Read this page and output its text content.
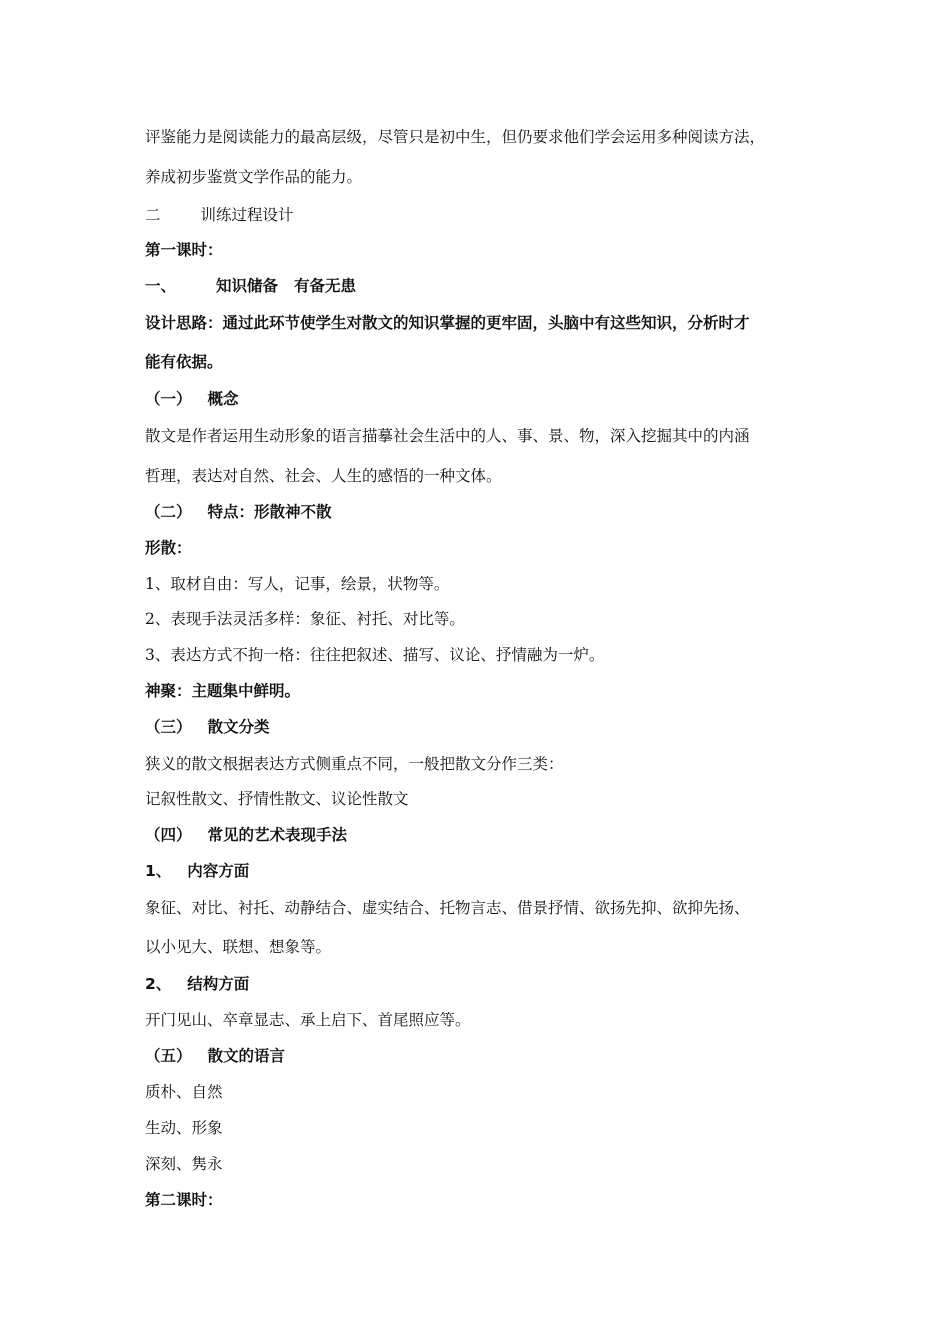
评鉴能力是阅读能力的最高层级，尽管只是初中生，但仍要求他们学会运用多种阅读方法，
养成初步鉴赏文学作品的能力。
二	训练过程设计
第一课时：
一、	知识储备 有备无患
设计思路：通过此环节使学生对散文的知识掌握的更牢固，头脑中有这些知识，分析时才
能有依据。
（一） 概念
散文是作者运用生动形象的语言描摹社会生活中的人、事、景、物，深入挖掘其中的内涵
哲理，表达对自然、社会、人生的感悟的一种文体。
（二） 特点：形散神不散
形散：
1、取材自由：写人，记事，绘景，状物等。
2、表现手法灵活多样：象征、衬托、对比等。
3、表达方式不拘一格：往往把叙述、描写、议论、抒情融为一炉。
神聚：主题集中鲜明。
（三） 散文分类
狭义的散文根据表达方式侧重点不同，一般把散文分作三类：
记叙性散文、抒情性散文、议论性散文
（四） 常见的艺术表现手法
1、 内容方面
象征、对比、衬托、动静结合、虚实结合、托物言志、借景抒情、欲扬先抑、欲抑先扬、
以小见大、联想、想象等。
2、 结构方面
开门见山、卒章显志、承上启下、首尾照应等。
（五） 散文的语言
质朴、自然
生动、形象
深刻、隽永
第二课时：
